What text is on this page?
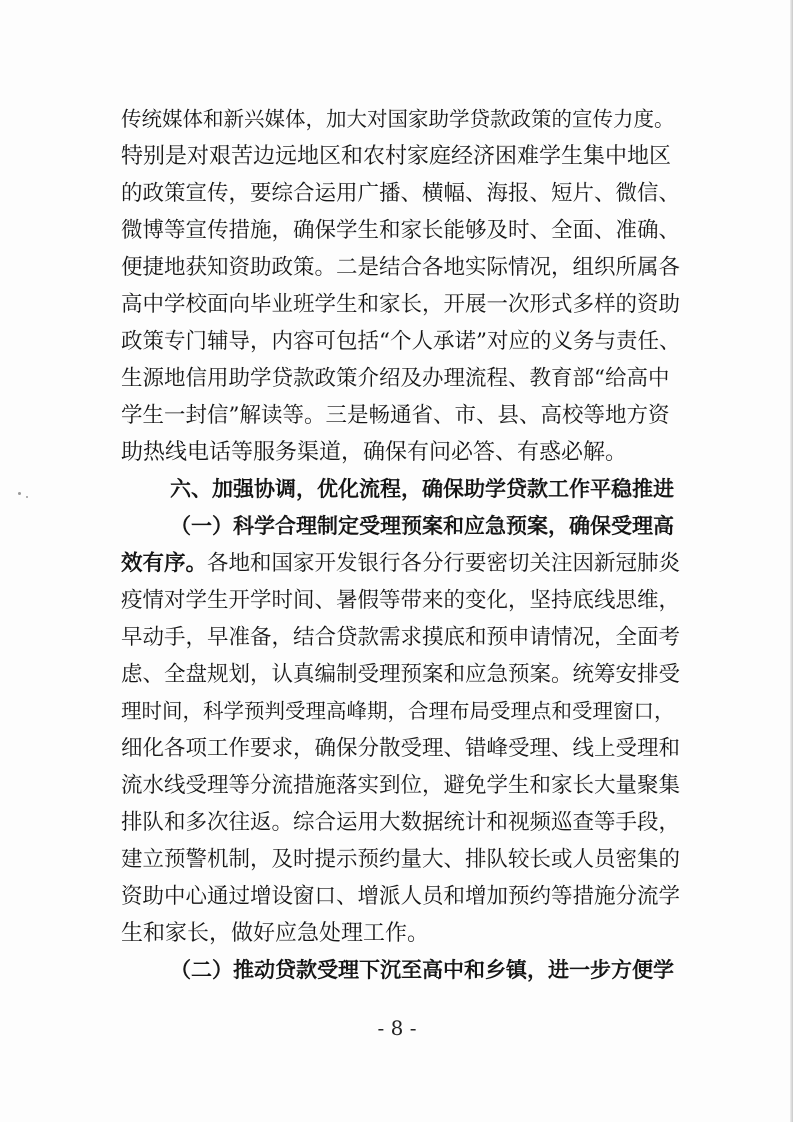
传统媒体和新兴媒体，加大对国家助学贷款政策的宣传力度。
特别是对艰苦边远地区和农村家庭经济困难学生集中地区
的政策宣传，要综合运用广播、横幅、海报、短片、微信、
微博等宣传措施，确保学生和家长能够及时、全面、准确、
便捷地获知资助政策。二是结合各地实际情况，组织所属各
高中学校面向毕业班学生和家长，开展一次形式多样的资助
政策专门辅导，内容可包括“个人承诺”对应的义务与责任、
生源地信用助学贷款政策介绍及办理流程、教育部“给高中
学生一封信”解读等。三是畅通省、市、县、高校等地方资
助热线电话等服务渠道，确保有问必答、有惑必解。
六、加强协调，优化流程，确保助学贷款工作平稳推进
（一）科学合理制定受理预案和应急预案，确保受理高
效有序。各地和国家开发银行各分行要密切关注因新冠肺炎
疫情对学生开学时间、暑假等带来的变化，坚持底线思维，
早动手，早准备，结合贷款需求摸底和预申请情况，全面考
虑、全盘规划，认真编制受理预案和应急预案。统筹安排受
理时间，科学预判受理高峰期，合理布局受理点和受理窗口，
细化各项工作要求，确保分散受理、错峰受理、线上受理和
流水线受理等分流措施落实到位，避免学生和家长大量聚集
排队和多次往返。综合运用大数据统计和视频巡查等手段，
建立预警机制，及时提示预约量大、排队较长或人员密集的
资助中心通过增设窗口、增派人员和增加预约等措施分流学
生和家长，做好应急处理工作。
（二）推动贷款受理下沉至高中和乡镇，进一步方便学
- 8 -
